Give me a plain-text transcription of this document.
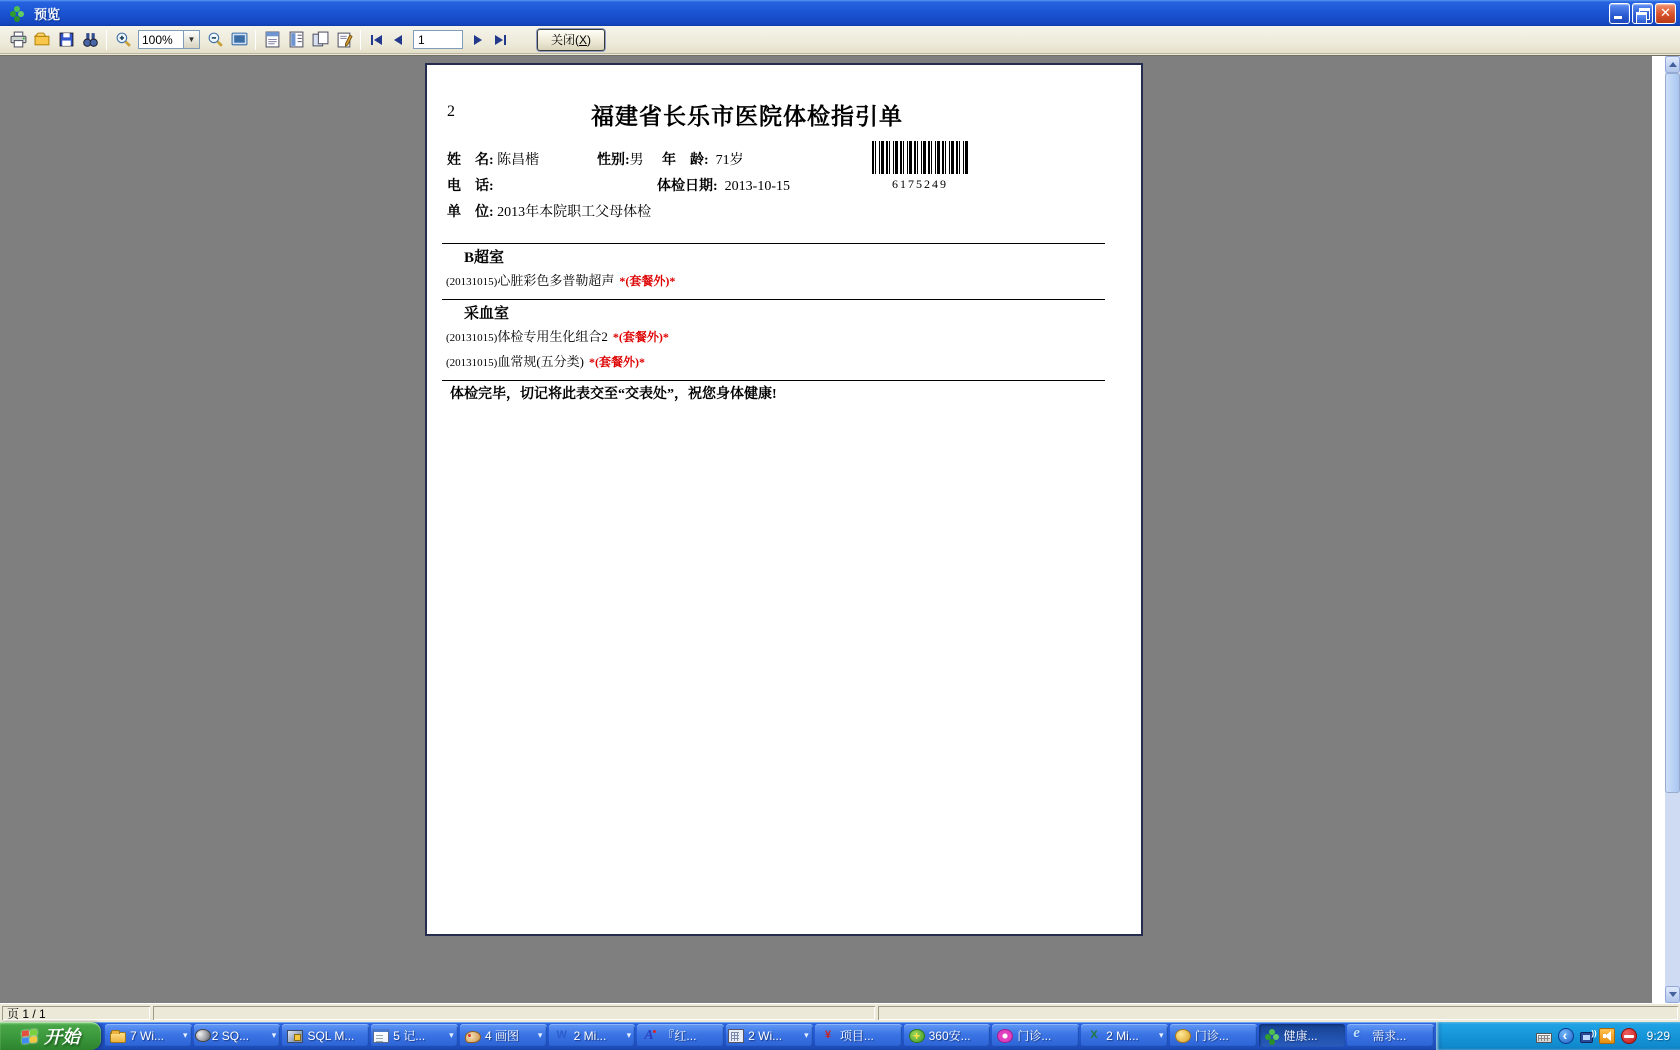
预览
✕
100%
▼
1	关闭( X )
2	福建省长乐市医院体检指引单
姓　名: 陈昌楷	性别:男 年　龄: 71岁
电　话:	体检日期: 2013-10-15
单　位: 2013年本院职工父母体检
6175249
B超室
(20131015)心脏彩色多普勒超声 *(套餐外)*
采血室
(20131015)体检专用生化组合2 *(套餐外)*
(20131015)血常规(五分类) *(套餐外)*
体检完毕，切记将此表交至“交表处”，祝您身体健康!
页 1 / 1
开始	7 Wi...	▾	2 SQ...	▾	SQL M...	5 记...	▾	4 画图	▾ W	2 Mi...	▾ A	『红...	2 Wi...	▾ ¥	项目... +	360安...	门诊... X	2 Mi...	▾	门诊...	健康... e	需求... ‹ ))	9:29
